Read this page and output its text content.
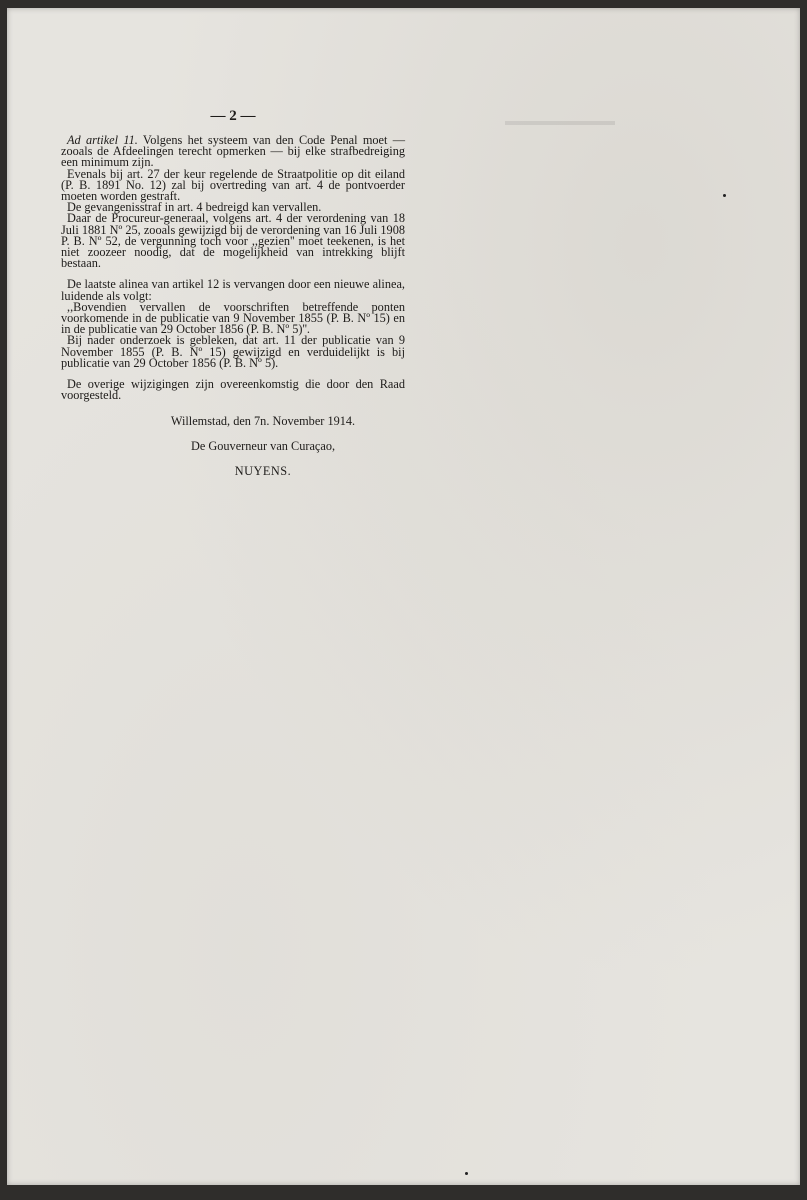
— 2 —

Ad artikel 11. Volgens het systeem van den Code Penal moet — zooals de Afdeelingen terecht opmerken — bij elke strafbedreiging een minimum zijn.

Evenals bij art. 27 der keur regelende de Straatpolitie op dit eiland (P. B. 1891 No. 12) zal bij overtreding van art. 4 de pontvoerder moeten worden gestraft.

De gevangenisstraf in art. 4 bedreigd kan vervallen.

Daar de Procureur-generaal, volgens art. 4 der verordening van 18 Juli 1881 Nº 25, zooals gewijzigd bij de verordening van 16 Juli 1908 P. B. Nº 52, de vergunning toch voor ,,gezien'' moet teekenen, is het niet zoozeer noodig, dat de mogelijkheid van intrekking blijft bestaan.

De laatste alinea van artikel 12 is vervangen door een nieuwe alinea, luidende als volgt:

,,Bovendien vervallen de voorschriften betreffende ponten voorkomende in de publicatie van 9 November 1855 (P. B. Nº 15) en in de publicatie van 29 October 1856 (P. B. Nº 5)''.

Bij nader onderzoek is gebleken, dat art. 11 der publicatie van 9 November 1855 (P. B. Nº 15) gewijzigd en verduidelijkt is bij publicatie van 29 October 1856 (P. B. Nº 5).

De overige wijzigingen zijn overeenkomstig die door den Raad voorgesteld.

Willemstad, den 7n. November 1914.
De Gouverneur van Curaçao,
NUYENS.
